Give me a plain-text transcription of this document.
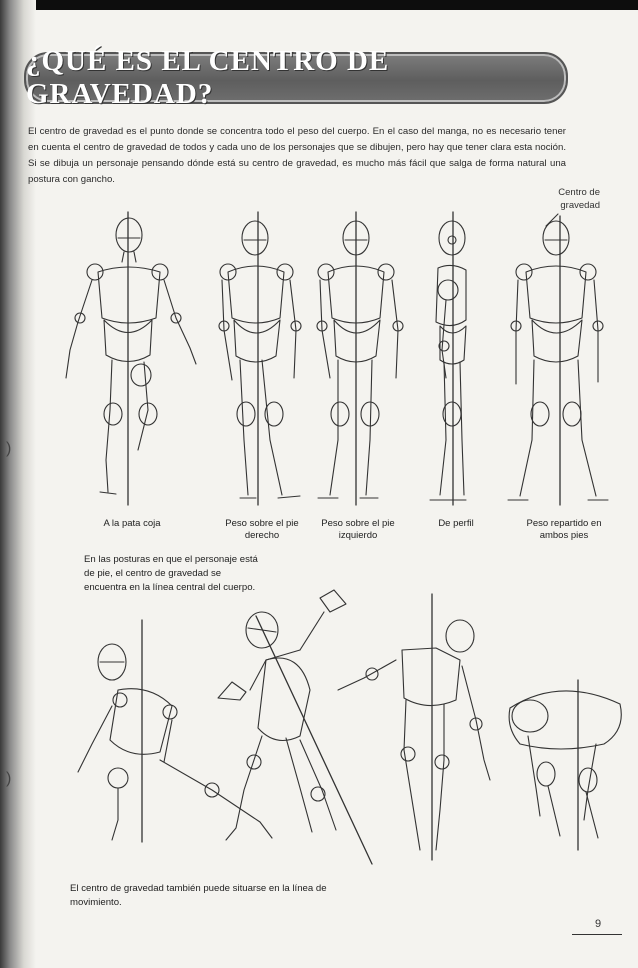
)
)
¿QUÉ ES EL CENTRO DE GRAVEDAD?
El centro de gravedad es el punto donde se concentra todo el peso del cuerpo. En el caso del manga, no es necesario tener en cuenta el centro de gravedad de todos y cada uno de los personajes que se dibujen, pero hay que tener clara esta noción. Si se dibuja un personaje pensando dónde está su centro de gravedad, es mucho más fácil que salga de forma natural una postura con gancho.
Centro de gravedad
A la pata coja	Peso sobre el pie derecho
Peso sobre el pie izquierdo
De perfil	Peso repartido en ambos pies
En las posturas en que el personaje está de pie, el centro de gravedad se encuentra en la línea central del cuerpo.
El centro de gravedad también puede situarse en la línea de movimiento.
9
